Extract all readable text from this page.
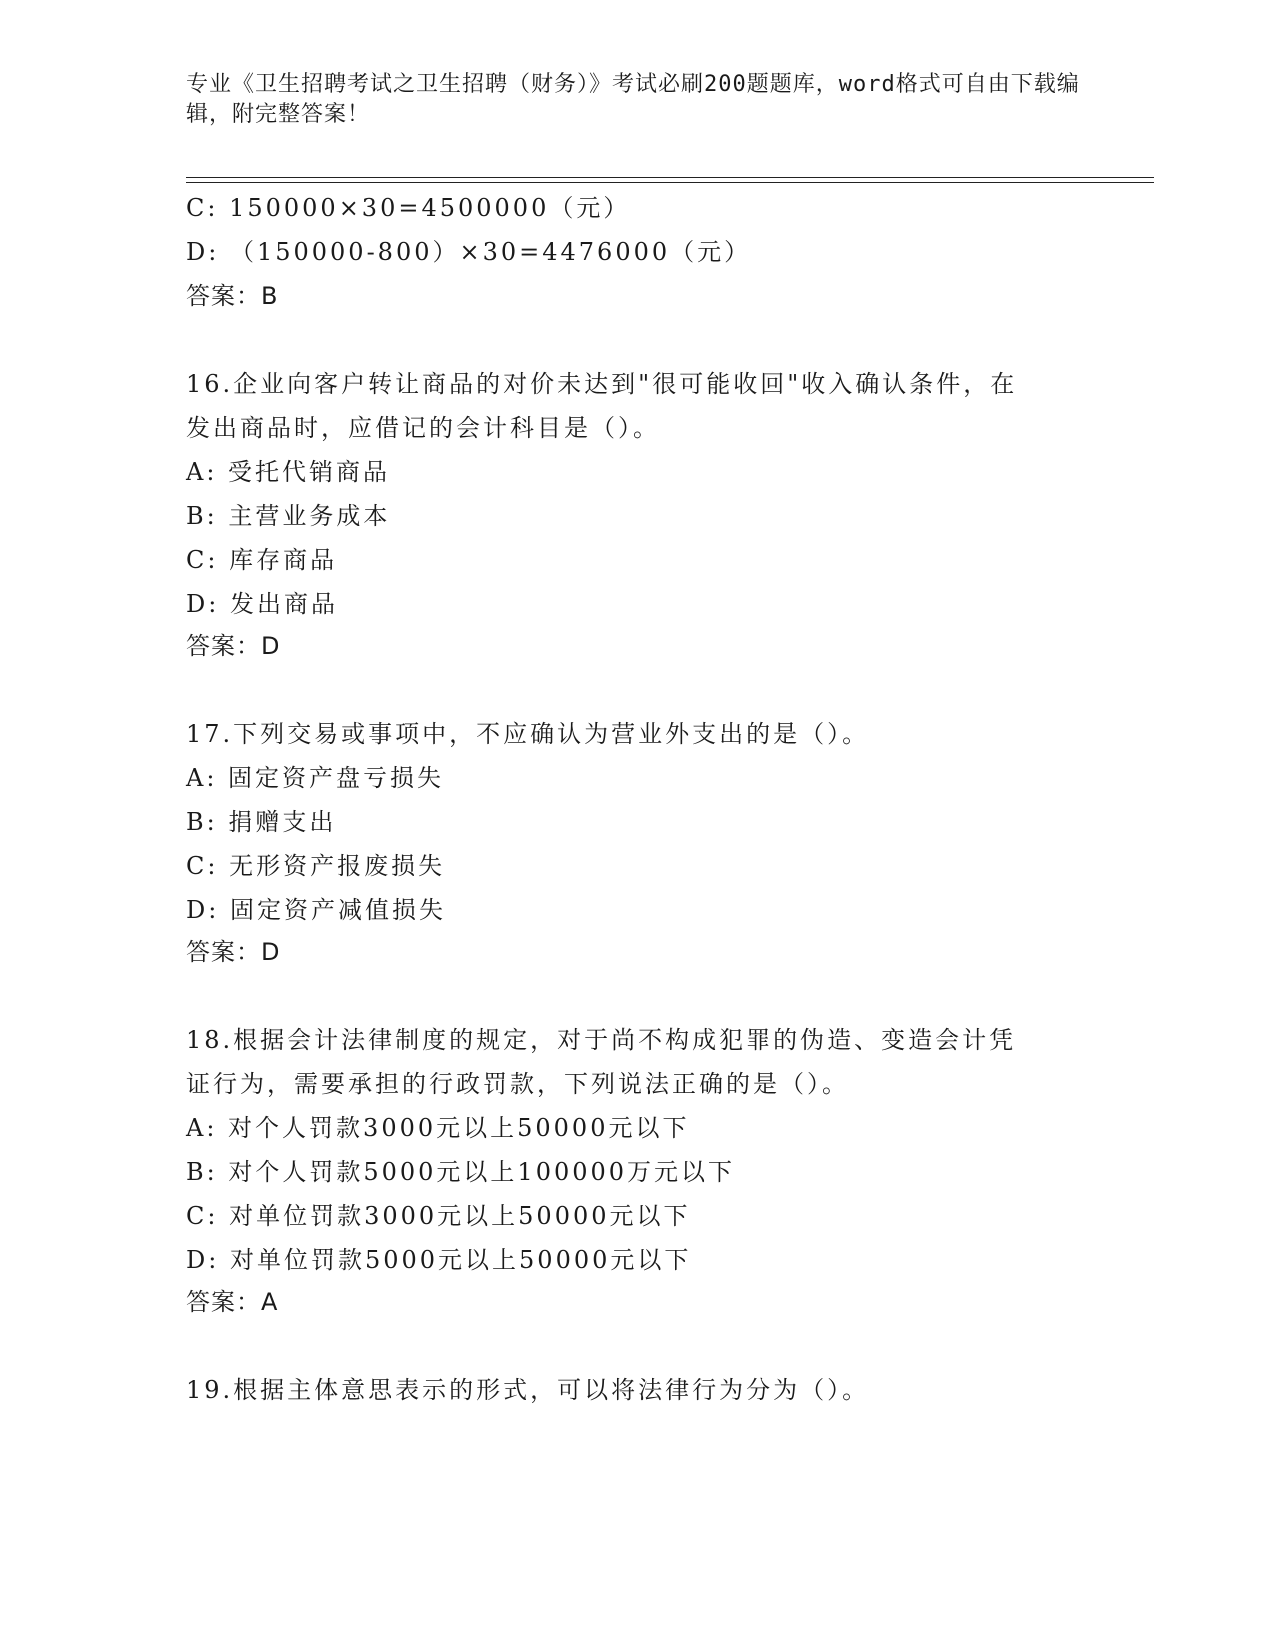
专业《卫生招聘考试之卫生招聘（财务）》考试必刷200题题库，word格式可自由下载编辑，附完整答案！
C: 150000×30=4500000（元）
D: （150000-800）×30=4476000（元）
答案：B
16.企业向客户转让商品的对价未达到"很可能收回"收入确认条件，在
发出商品时，应借记的会计科目是（）。
A: 受托代销商品
B: 主营业务成本
C: 库存商品
D: 发出商品
答案：D
17.下列交易或事项中，不应确认为营业外支出的是（）。
A: 固定资产盘亏损失
B: 捐赠支出
C: 无形资产报废损失
D: 固定资产减值损失
答案：D
18.根据会计法律制度的规定，对于尚不构成犯罪的伪造、变造会计凭
证行为，需要承担的行政罚款，下列说法正确的是（）。
A: 对个人罚款3000元以上50000元以下
B: 对个人罚款5000元以上100000万元以下
C: 对单位罚款3000元以上50000元以下
D: 对单位罚款5000元以上50000元以下
答案：A
19.根据主体意思表示的形式，可以将法律行为分为（）。
